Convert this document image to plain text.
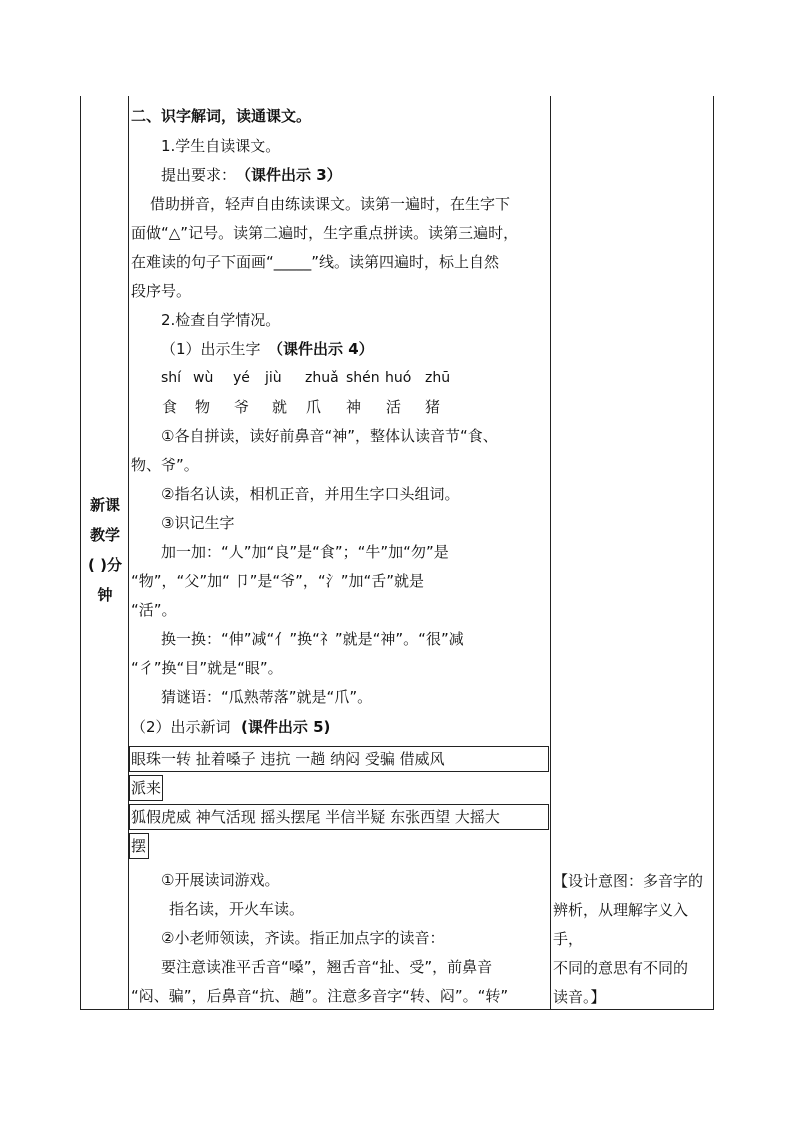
新课
教学
( )分
钟
二、识字解词，读通课文。
1.学生自读课文。
提出要求： （课件出示 3）
借助拼音，轻声自由练读课文。读第一遍时，在生字下
面做“△”记号。读第二遍时，生字重点拼读。读第三遍时，
在难读的句子下面画“_____”线。读第四遍时，标上自然
段序号。
2.检查自学情况。
（1）出示生字 （课件出示 4）
shí wù yé jiù zhuǎ shén huó zhū
食 物 爷 就 爪 神 活 猪
①各自拼读，读好前鼻音“神”，整体认读音节“食、
物、爷”。
②指名认读，相机正音，并用生字口头组词。
③识记生字
加一加：“人”加“良”是“食”；“牛”加“勿”是
“物”，“父”加“ 卩”是“爷”，“氵”加“舌”就是
“活”。
换一换：“伸”减“亻”换“礻”就是“神”。“很”减
“彳”换“目”就是“眼”。
猜谜语：“瓜熟蒂落”就是“爪”。
（2）出示新词 (课件出示 5)
眼珠一转 扯着嗓子 违抗 一趟 纳闷 受骗 借威风
派来
狐假虎威 神气活现 摇头摆尾 半信半疑 东张西望 大摇大
摆
①开展读词游戏。
指名读，开火车读。
②小老师领读，齐读。指正加点字的读音：
要注意读准平舌音“嗓”，翘舌音“扯、受”，前鼻音
“闷、骗”，后鼻音“抗、趟”。注意多音字“转、闷”。“转”
【设计意图：多音字的
辨析，从理解字义入手，
不同的意思有不同的
读音。】
